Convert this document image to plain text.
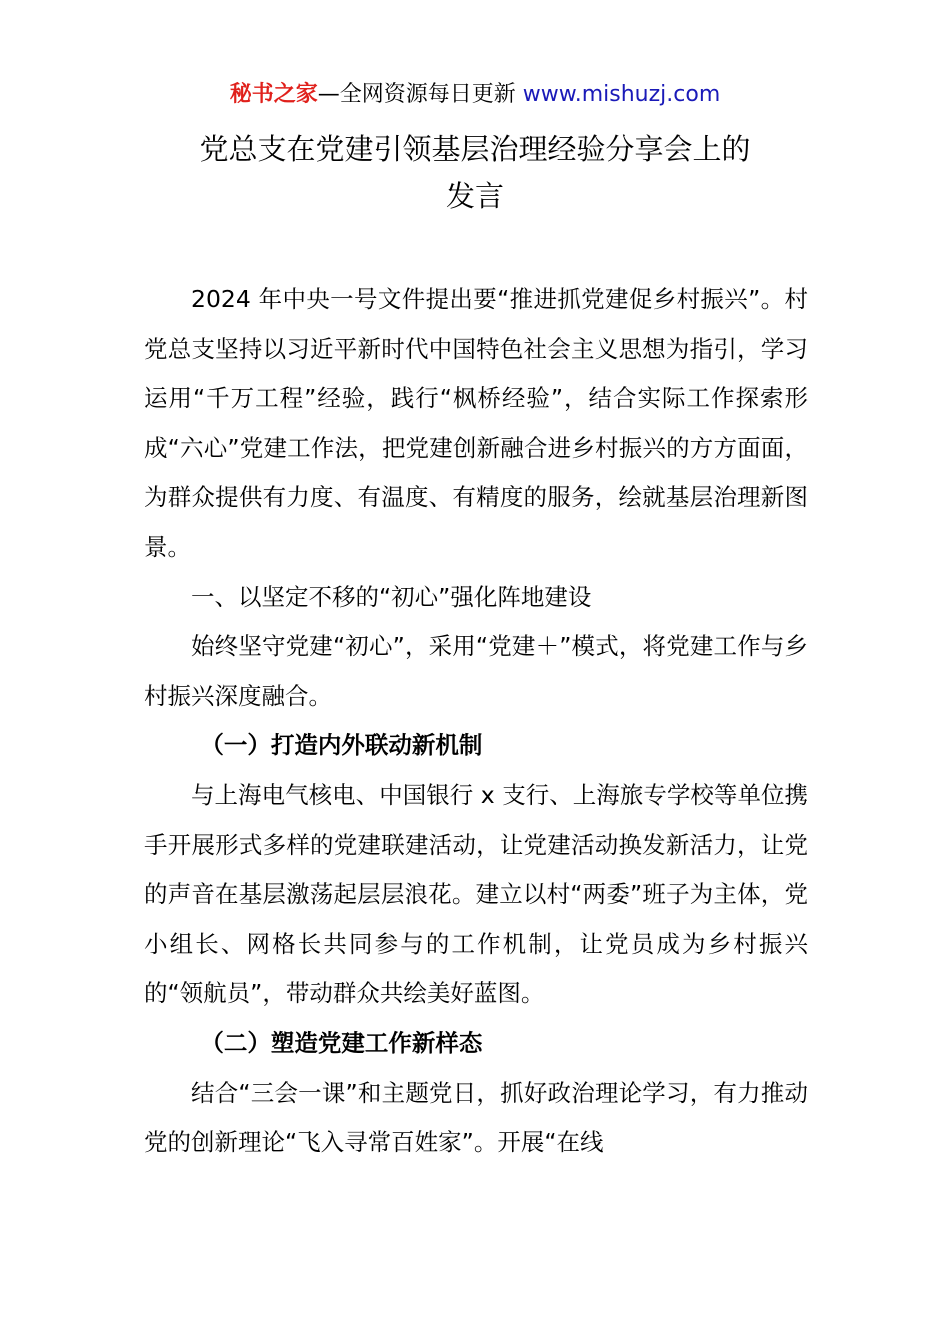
秘书之家—全网资源每日更新 www.mishuzj.com
党总支在党建引领基层治理经验分享会上的
发言

2024 年中央一号文件提出要“推进抓党建促乡村振兴”。村党总支坚持以习近平新时代中国特色社会主义思想为指引，学习运用“千万工程”经验，践行“枫桥经验”，结合实际工作探索形成“六心”党建工作法，把党建创新融合进乡村振兴的方方面面，为群众提供有力度、有温度、有精度的服务，绘就基层治理新图景。

一、以坚定不移的“初心”强化阵地建设

始终坚守党建“初心”，采用“党建＋”模式，将党建工作与乡村振兴深度融合。

（一）打造内外联动新机制

与上海电气核电、中国银行 x 支行、上海旅专学校等单位携手开展形式多样的党建联建活动，让党建活动换发新活力，让党的声音在基层激荡起层层浪花。建立以村“两委”班子为主体，党小组长、网格长共同参与的工作机制，让党员成为乡村振兴的“领航员”，带动群众共绘美好蓝图。

（二）塑造党建工作新样态

结合“三会一课”和主题党日，抓好政治理论学习，有力推动党的创新理论“飞入寻常百姓家”。开展“在线
